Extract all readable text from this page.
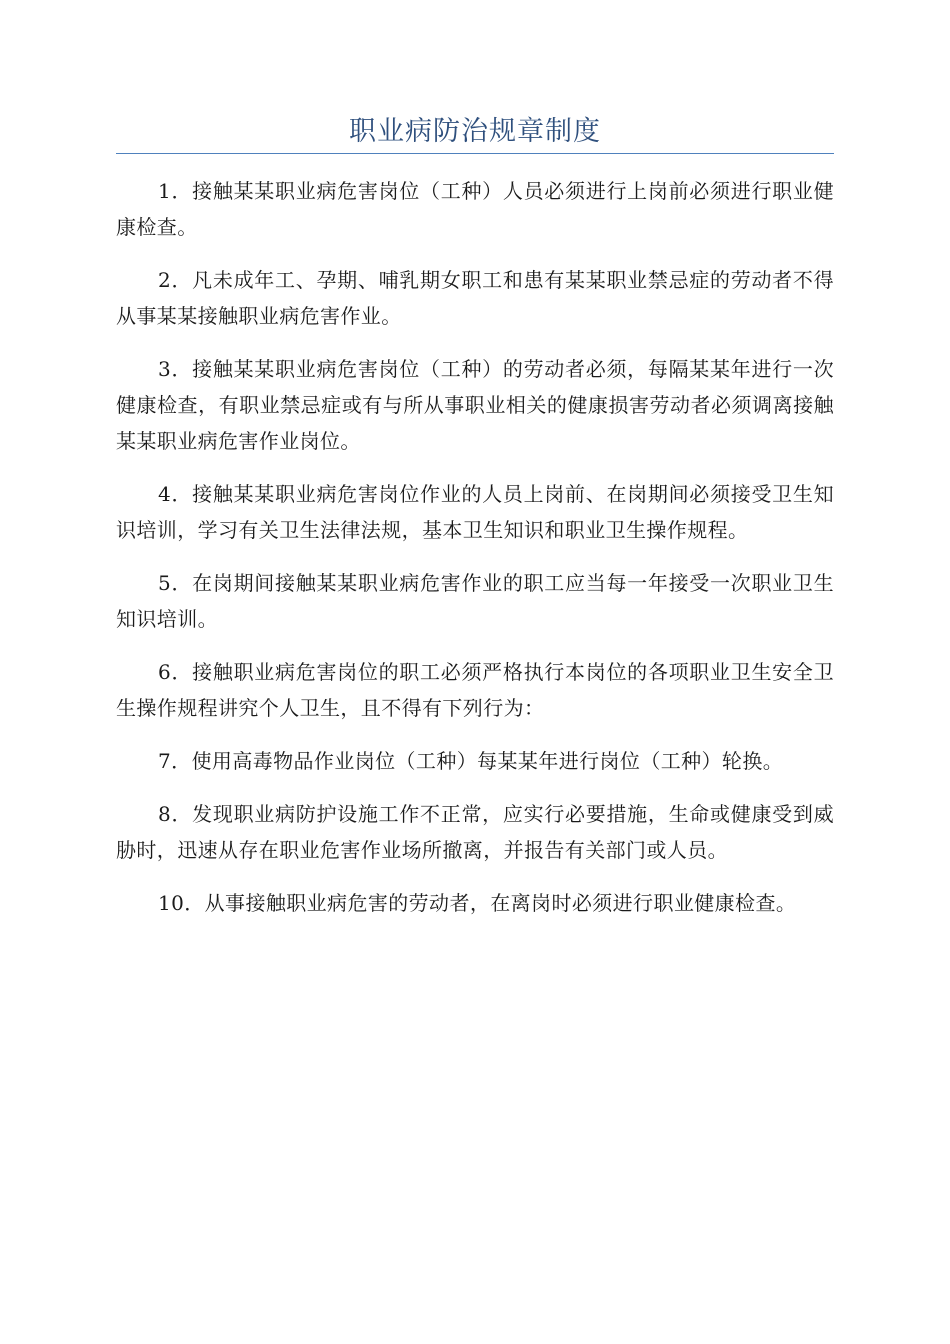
职业病防治规章制度

1．接触某某职业病危害岗位（工种）人员必须进行上岗前必须进行职业健康检查。

2．凡未成年工、孕期、哺乳期女职工和患有某某职业禁忌症的劳动者不得从事某某接触职业病危害作业。

3．接触某某职业病危害岗位（工种）的劳动者必须，每隔某某年进行一次健康检查，有职业禁忌症或有与所从事职业相关的健康损害劳动者必须调离接触某某职业病危害作业岗位。

4．接触某某职业病危害岗位作业的人员上岗前、在岗期间必须接受卫生知识培训，学习有关卫生法律法规，基本卫生知识和职业卫生操作规程。

5．在岗期间接触某某职业病危害作业的职工应当每一年接受一次职业卫生知识培训。

6．接触职业病危害岗位的职工必须严格执行本岗位的各项职业卫生安全卫生操作规程讲究个人卫生，且不得有下列行为：

7．使用高毒物品作业岗位（工种）每某某年进行岗位（工种）轮换。

8．发现职业病防护设施工作不正常，应实行必要措施，生命或健康受到威胁时，迅速从存在职业危害作业场所撤离，并报告有关部门或人员。

10．从事接触职业病危害的劳动者，在离岗时必须进行职业健康检查。
